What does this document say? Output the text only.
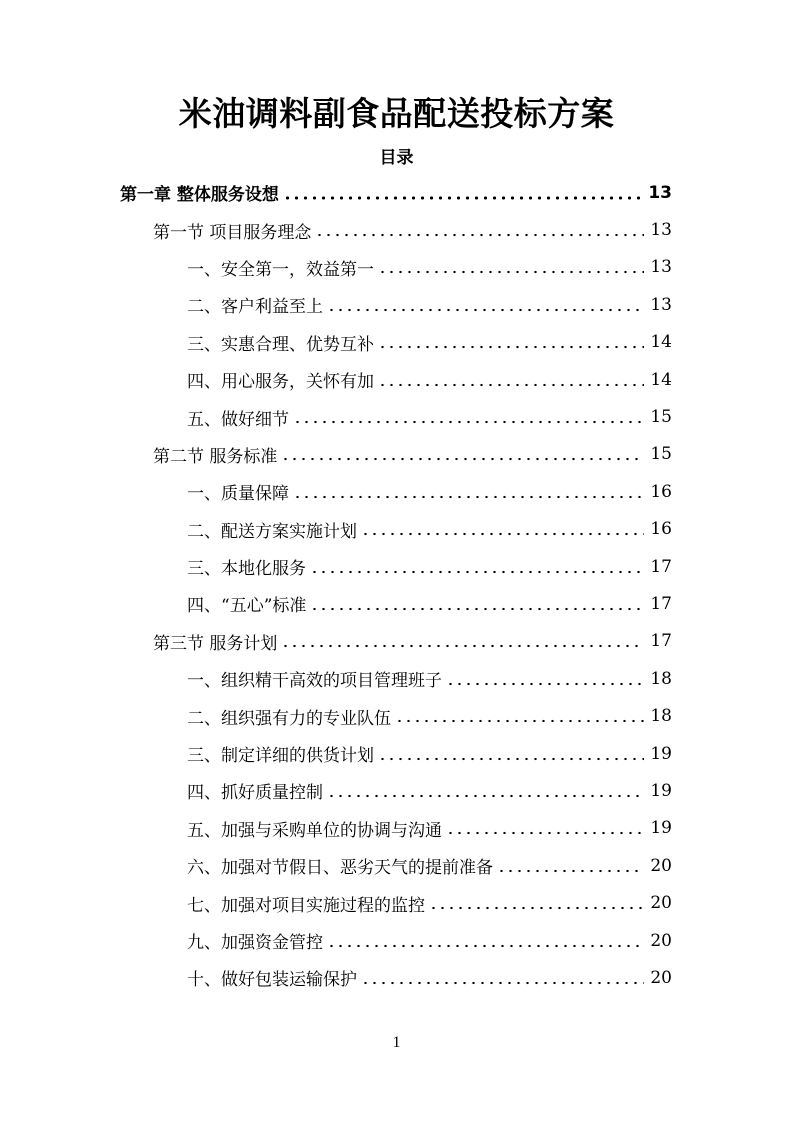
米油调料副食品配送投标方案
目录
第一章 整体服务设想	13
第一节 项目服务理念	13
一、安全第一，效益第一	13
二、客户利益至上	13
三、实惠合理、优势互补	14
四、用心服务，关怀有加	14
五、做好细节	15
第二节 服务标准	15
一、质量保障	16
二、配送方案实施计划	16
三、本地化服务	17
四、“五心”标准	17
第三节 服务计划	17
一、组织精干高效的项目管理班子	18
二、组织强有力的专业队伍	18
三、制定详细的供货计划	19
四、抓好质量控制	19
五、加强与采购单位的协调与沟通	19
六、加强对节假日、恶劣天气的提前准备	20
七、加强对项目实施过程的监控	20
九、加强资金管控	20
十、做好包装运输保护	20
1
